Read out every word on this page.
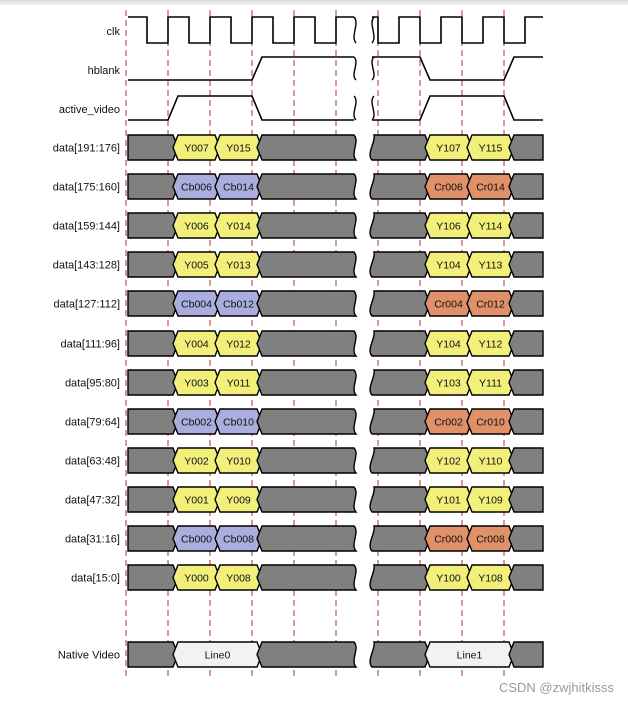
clk
hblank
active_video
data[191:176]	Y007 Y015	Y107 Y115
data[175:160]	Cb006 Cb014	Cr006 Cr014
data[159:144]	Y006 Y014	Y106 Y114
data[143:128]	Y005 Y013	Y104 Y113
data[127:112]	Cb004 Cb012	Cr004 Cr012
data[111:96]	Y004 Y012	Y104 Y112
data[95:80]	Y003 Y011	Y103 Y111
data[79:64]	Cb002 Cb010	Cr002 Cr010
data[63:48]	Y002 Y010	Y102 Y110
data[47:32]	Y001 Y009	Y101 Y109
data[31:16]	Cb000 Cb008	Cr000 Cr008
data[15:0]	Y000 Y008	Y100 Y108
Native Video	Line0	Line1
CSDN @zwjhitkisss
